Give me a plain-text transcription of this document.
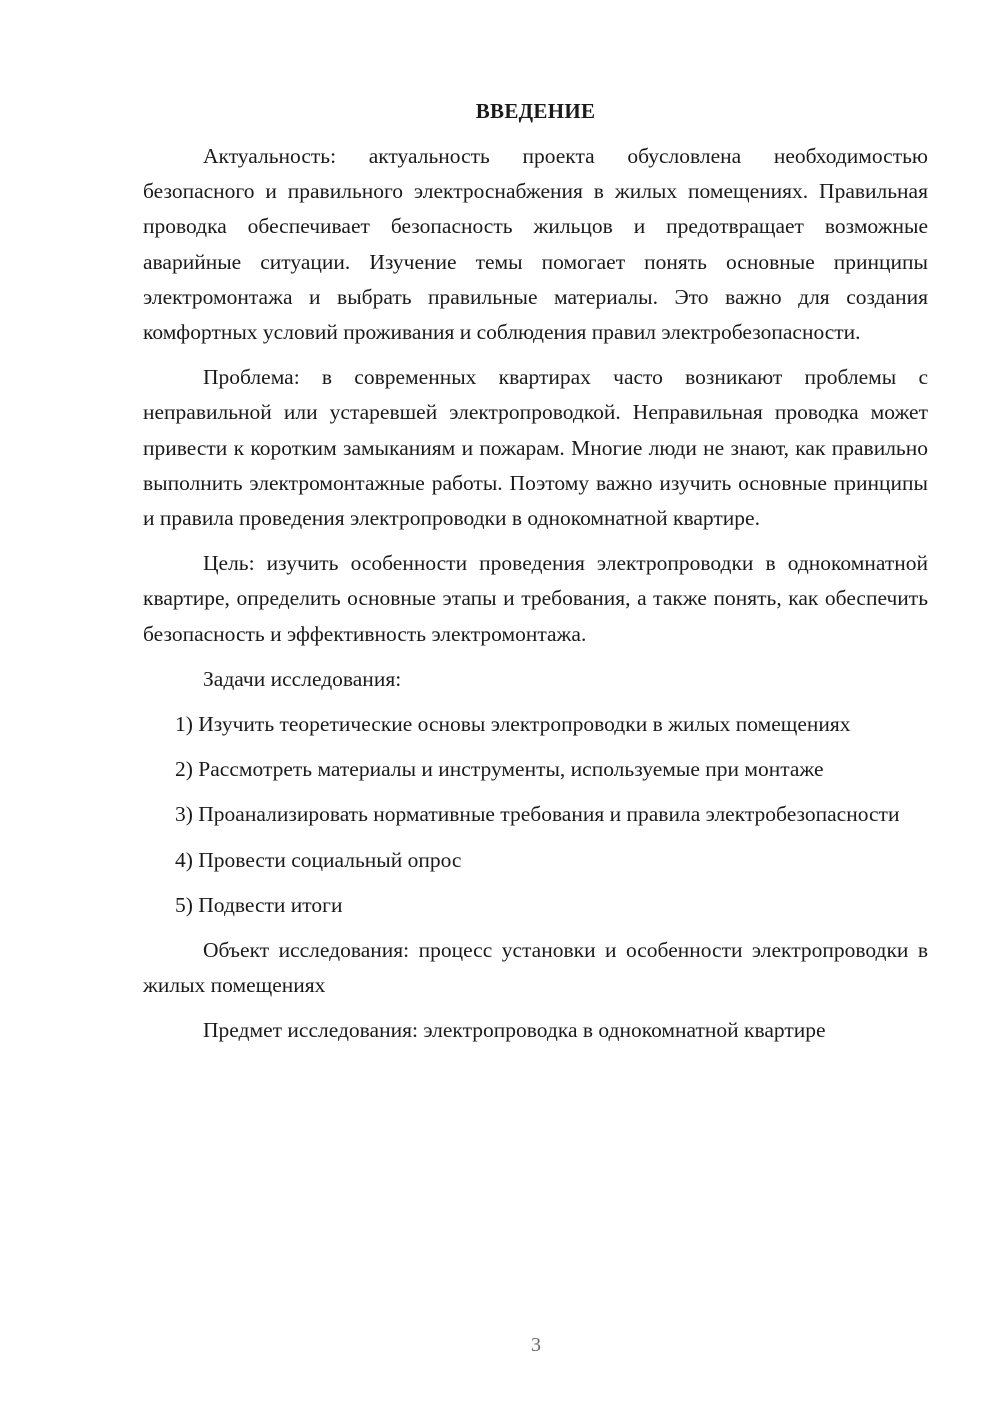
ВВЕДЕНИЕ

Актуальность: актуальность проекта обусловлена необходимостью безопасного и правильного электроснабжения в жилых помещениях. Правильная проводка обеспечивает безопасность жильцов и предотвращает возможные аварийные ситуации. Изучение темы помогает понять основные принципы электромонтажа и выбрать правильные материалы. Это важно для создания комфортных условий проживания и соблюдения правил электробезопасности.

Проблема: в современных квартирах часто возникают проблемы с неправильной или устаревшей электропроводкой. Неправильная проводка может привести к коротким замыканиям и пожарам. Многие люди не знают, как правильно выполнить электромонтажные работы. Поэтому важно изучить основные принципы и правила проведения электропроводки в однокомнатной квартире.

Цель: изучить особенности проведения электропроводки в однокомнатной квартире, определить основные этапы и требования, а также понять, как обеспечить безопасность и эффективность электромонтажа.

Задачи исследования:

1) Изучить теоретические основы электропроводки в жилых помещениях

2) Рассмотреть материалы и инструменты, используемые при монтаже

3) Проанализировать нормативные требования и правила электробезопасности

4) Провести социальный опрос

5) Подвести итоги

Объект исследования: процесс установки и особенности электропроводки в жилых помещениях

Предмет исследования: электропроводка в однокомнатной квартире

3
